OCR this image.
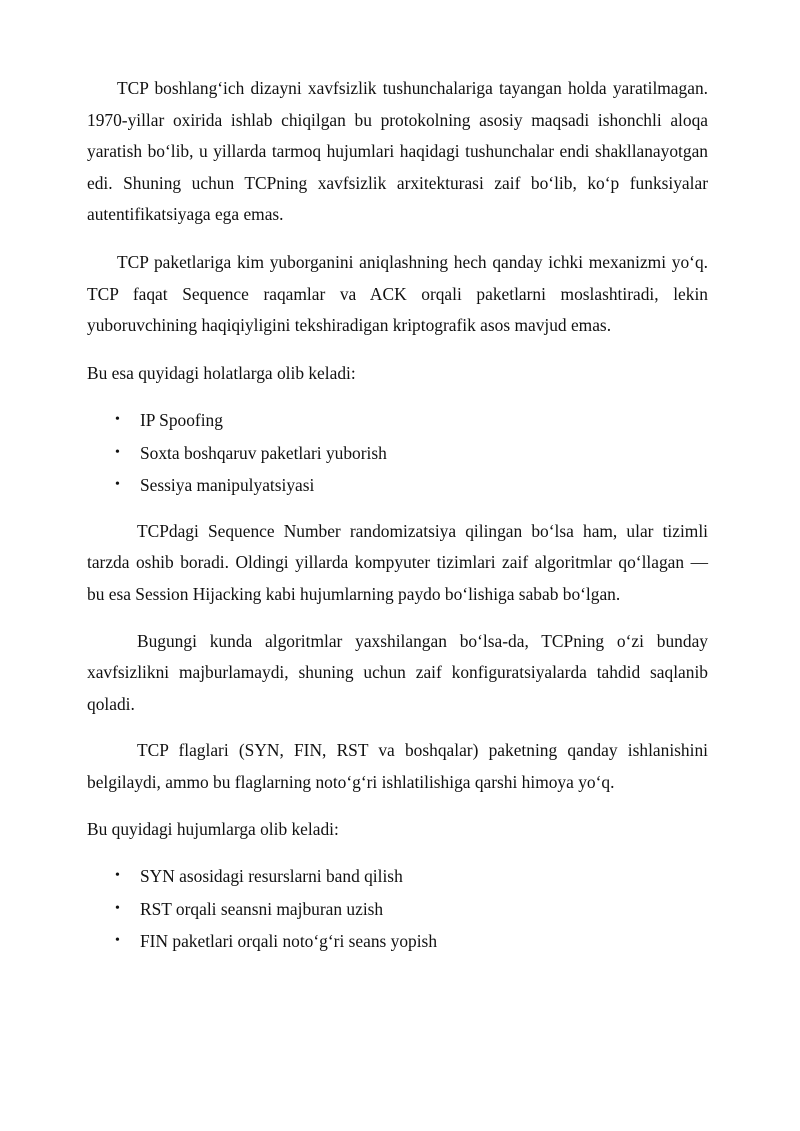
TCP boshlang‘ich dizayni xavfsizlik tushunchalariga tayangan holda yaratilmagan. 1970-yillar oxirida ishlab chiqilgan bu protokolning asosiy maqsadi ishonchli aloqa yaratish bo‘lib, u yillarda tarmoq hujumlari haqidagi tushunchalar endi shakllanayotgan edi. Shuning uchun TCPning xavfsizlik arxitekturasi zaif bo‘lib, ko‘p funksiyalar autentifikatsiyaga ega emas.

TCP paketlariga kim yuborganini aniqlashning hech qanday ichki mexanizmi yo‘q. TCP faqat Sequence raqamlar va ACK orqali paketlarni moslashtiradi, lekin yuboruvchining haqiqiyligini tekshiradigan kriptografik asos mavjud emas.

Bu esa quyidagi holatlarga olib keladi:

• IP Spoofing
• Soxta boshqaruv paketlari yuborish
• Sessiya manipulyatsiyasi

TCPdagi Sequence Number randomizatsiya qilingan bo‘lsa ham, ular tizimli tarzda oshib boradi. Oldingi yillarda kompyuter tizimlari zaif algoritmlar qo‘llagan — bu esa Session Hijacking kabi hujumlarning paydo bo‘lishiga sabab bo‘lgan.

Bugungi kunda algoritmlar yaxshilangan bo‘lsa-da, TCPning o‘zi bunday xavfsizlikni majburlamaydi, shuning uchun zaif konfiguratsiyalarda tahdid saqlanib qoladi.

TCP flaglari (SYN, FIN, RST va boshqalar) paketning qanday ishlanishini belgilaydi, ammo bu flaglarning noto‘g‘ri ishlatilishiga qarshi himoya yo‘q.

Bu quyidagi hujumlarga olib keladi:

• SYN asosidagi resurslarni band qilish
• RST orqali seansni majburan uzish
• FIN paketlari orqali noto‘g‘ri seans yopish
